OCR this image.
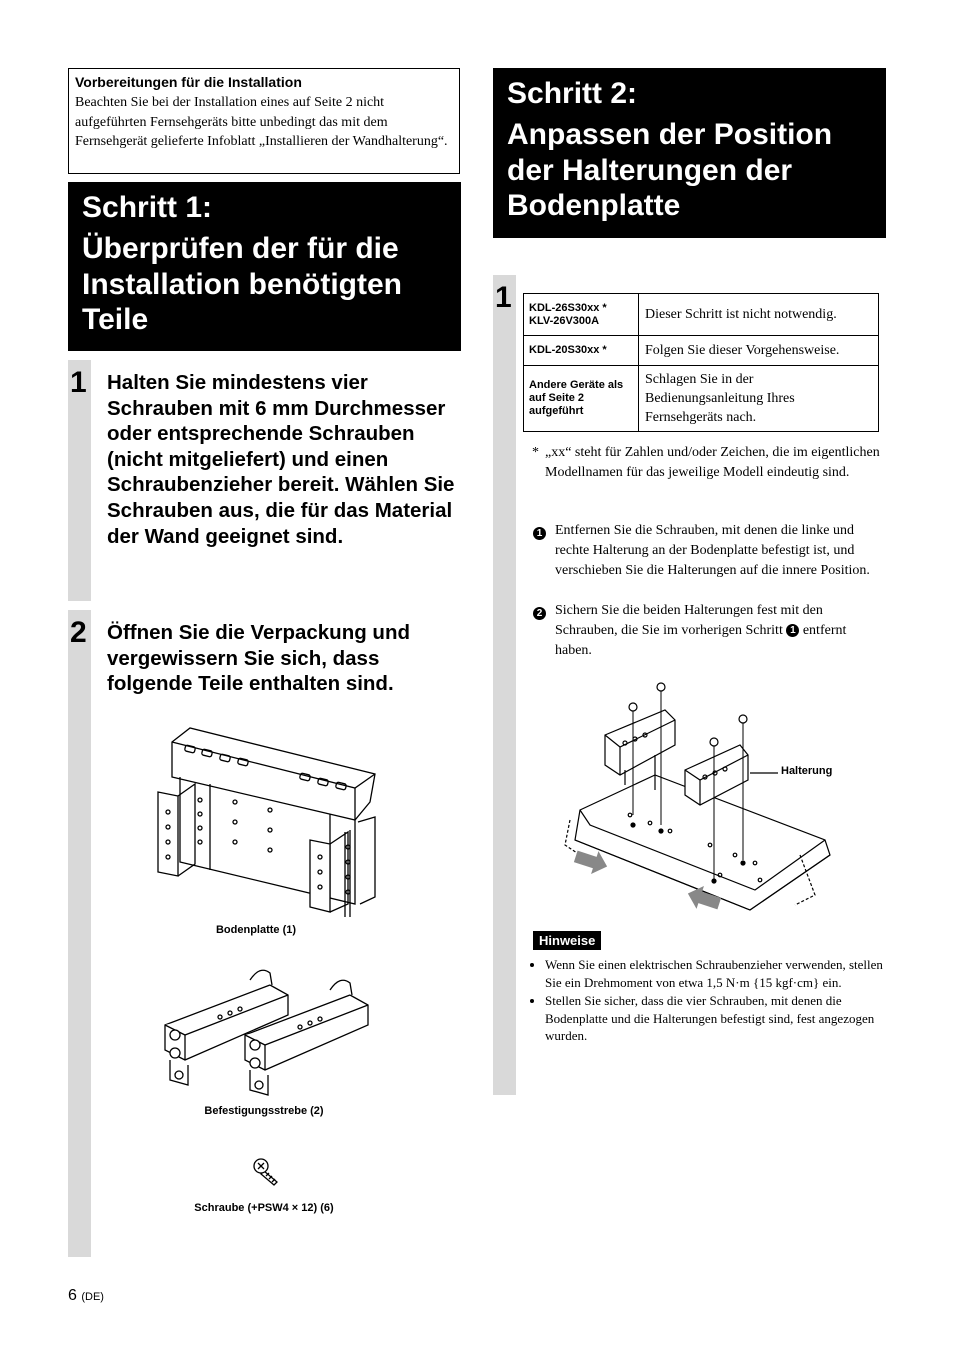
Vorbereitungen für die Installation
Beachten Sie bei der Installation eines auf Seite 2 nicht aufgeführten Fernsehgeräts bitte unbedingt das mit dem Fernsehgerät gelieferte Infoblatt „Installieren der Wandhalterung“.
Schritt 1:
Überprüfen der für die Installation benötigten Teile
1 Halten Sie mindestens vier Schrauben mit 6 mm Durchmesser oder entsprechende Schrauben (nicht mitgeliefert) und einen Schraubenzieher bereit. Wählen Sie Schrauben aus, die für das Material der Wand geeignet sind.
2 Öffnen Sie die Verpackung und vergewissern Sie sich, dass folgende Teile enthalten sind.
Bodenplatte (1)
Befestigungsstrebe (2)
Schraube (+PSW4 × 12) (6)
Schritt 2:
Anpassen der Position der Halterungen der Bodenplatte
1 KDL-26S30xx *
KLV-26V300A	Dieser Schritt ist nicht notwendig.
KDL-20S30xx *	Folgen Sie dieser Vorgehensweise.
Andere Geräte als auf Seite 2 aufgeführt	Schlagen Sie in der Bedienungsanleitung Ihres Fernsehgeräts nach.
* „xx“ steht für Zahlen und/oder Zeichen, die im eigentlichen Modellnamen für das jeweilige Modell eindeutig sind.
1 Entfernen Sie die Schrauben, mit denen die linke und rechte Halterung an der Bodenplatte befestigt ist, und verschieben Sie die Halterungen auf die innere Position.
2 Sichern Sie die beiden Halterungen fest mit den Schrauben, die Sie im vorherigen Schritt 1 entfernt haben.
Halterung
Hinweise
• Wenn Sie einen elektrischen Schraubenzieher verwenden, stellen Sie ein Drehmoment von etwa 1,5 N·m {15 kgf·cm} ein.
• Stellen Sie sicher, dass die vier Schrauben, mit denen die Bodenplatte und die Halterungen befestigt sind, fest angezogen wurden.
6 (DE)
